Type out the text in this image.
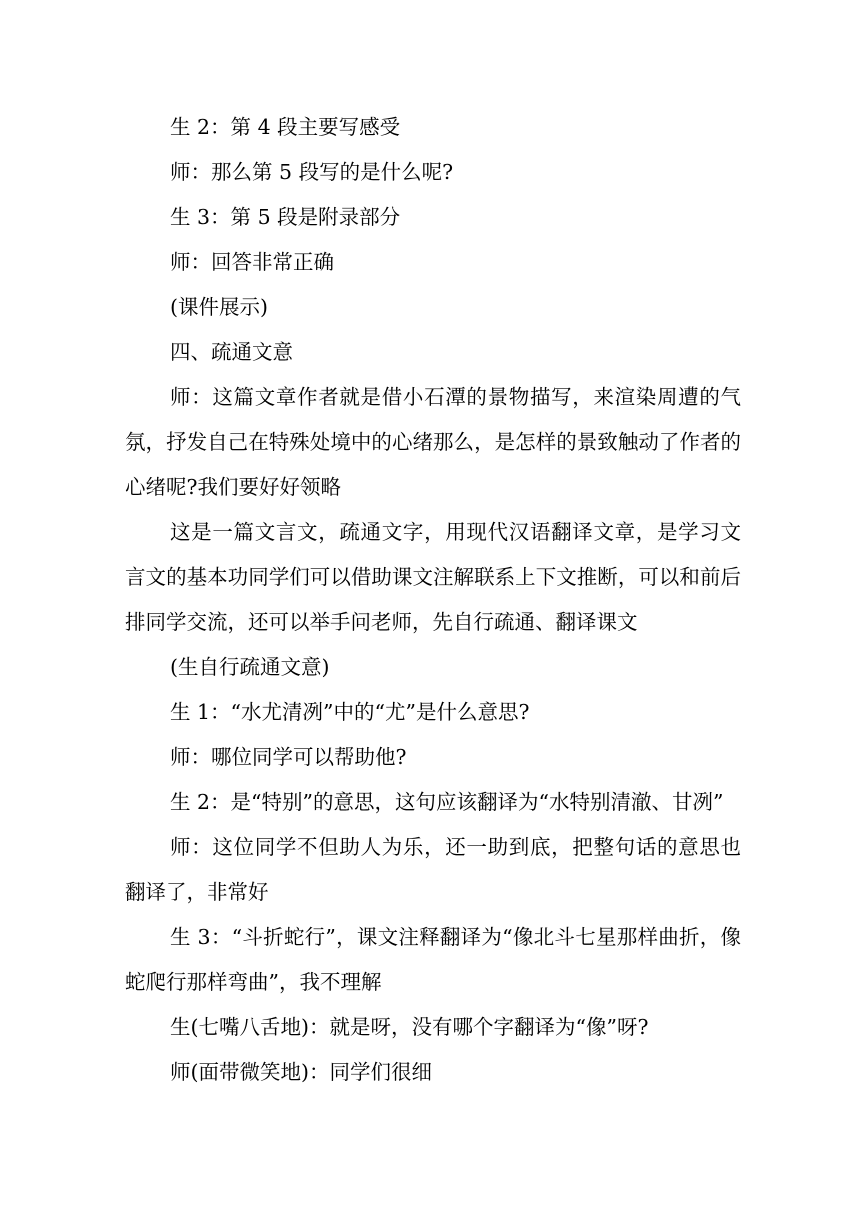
生 2：第 4 段主要写感受

师：那么第 5 段写的是什么呢?

生 3：第 5 段是附录部分

师：回答非常正确

(课件展示)

四、疏通文意

师：这篇文章作者就是借小石潭的景物描写，来渲染周遭的气氛，抒发自己在特殊处境中的心绪那么，是怎样的景致触动了作者的心绪呢?我们要好好领略

这是一篇文言文，疏通文字，用现代汉语翻译文章，是学习文言文的基本功同学们可以借助课文注解联系上下文推断，可以和前后排同学交流，还可以举手问老师，先自行疏通、翻译课文

(生自行疏通文意)

生 1：“水尤清冽”中的“尤”是什么意思?

师：哪位同学可以帮助他?

生 2：是“特别”的意思，这句应该翻译为“水特别清澈、甘冽”

师：这位同学不但助人为乐，还一助到底，把整句话的意思也翻译了，非常好

生 3：“斗折蛇行”，课文注释翻译为“像北斗七星那样曲折，像蛇爬行那样弯曲”，我不理解

生(七嘴八舌地)：就是呀，没有哪个字翻译为“像”呀?

师(面带微笑地)：同学们很细
